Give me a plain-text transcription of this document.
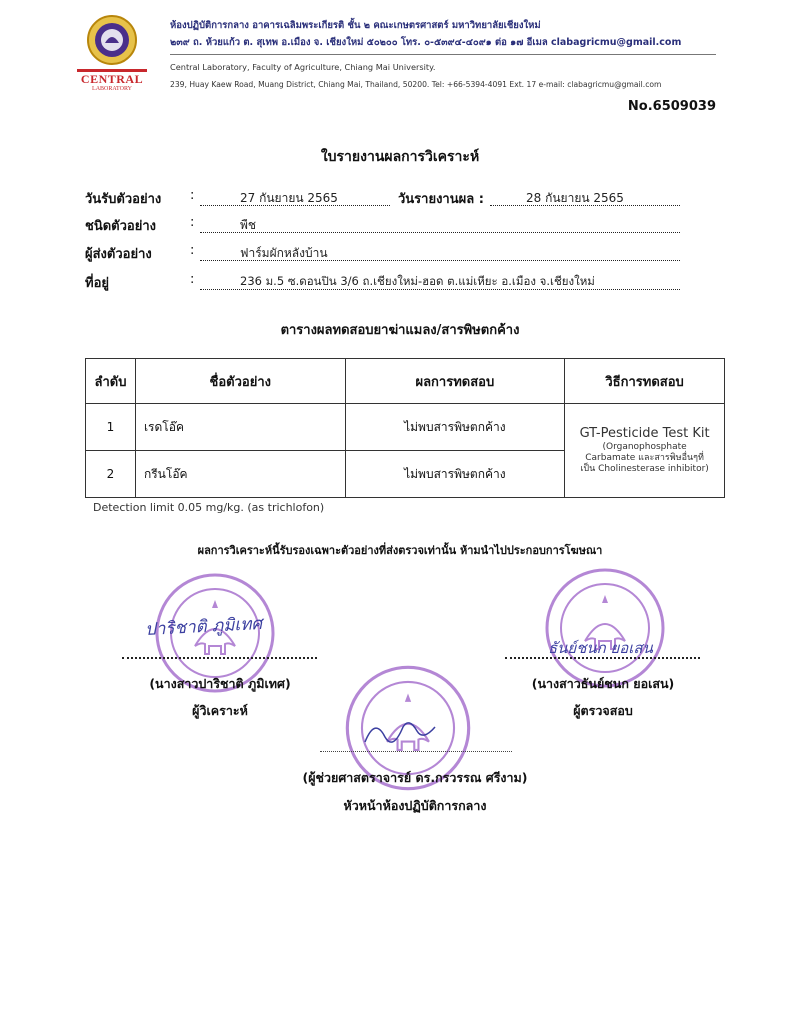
CENTRAL
LABORATORY
ห้องปฏิบัติการกลาง อาคารเฉลิมพระเกียรติ ชั้น ๒ คณะเกษตรศาสตร์ มหาวิทยาลัยเชียงใหม่
๒๓๙ ถ. ห้วยแก้ว ต. สุเทพ อ.เมือง จ. เชียงใหม่ ๕๐๒๐๐ โทร. ๐-๕๓๙๔-๔๐๙๑ ต่อ ๑๗ อีเมล clabagricmu@gmail.com
Central Laboratory, Faculty of Agriculture, Chiang Mai University.
239, Huay Kaew Road, Muang District, Chiang Mai, Thailand, 50200. Tel: +66-5394-4091 Ext. 17 e-mail: clabagricmu@gmail.com
No.6509039
ใบรายงานผลการวิเคราะห์
วันรับตัวอย่าง :	27 กันยายน 2565	วันรายงานผล :	28 กันยายน 2565
ชนิดตัวอย่าง	:	พืช
ผู้ส่งตัวอย่าง	:	ฟาร์มผักหลังบ้าน
ที่อยู่	:	236 ม.5 ซ.ดอนปิน 3/6 ถ.เชียงใหม่-ฮอด ต.แม่เหียะ อ.เมือง จ.เชียงใหม่
ตารางผลทดสอบยาฆ่าแมลง/สารพิษตกค้าง
ลำดับ	ชื่อตัวอย่าง	ผลการทดสอบ	วิธีการทดสอบ
1	เรดโอ๊ค	ไม่พบสารพิษตกค้าง	GT-Pesticide Test Kit
(Organophosphate
Carbamate และสารพิษอื่นๆที่
เป็น Cholinesterase inhibitor)

2	กรีนโอ๊ค	ไม่พบสารพิษตกค้าง	
Detection limit 0.05 mg/kg. (as trichlofon)
ผลการวิเคราะห์นี้รับรองเฉพาะตัวอย่างที่ส่งตรวจเท่านั้น ห้ามนำไปประกอบการโฆษณา
ปาริชาติ ภูมิเทศ
(นางสาวปาริชาติ ภูมิเทศ)
ผู้วิเคราะห์
ธันย์ชนก ยอเสน
(นางสาวธันย์ชนก ยอเสน)
ผู้ตรวจสอบ
(ผู้ช่วยศาสตราจารย์ ดร.กรวรรณ ศรีงาม)
หัวหน้าห้องปฏิบัติการกลาง
